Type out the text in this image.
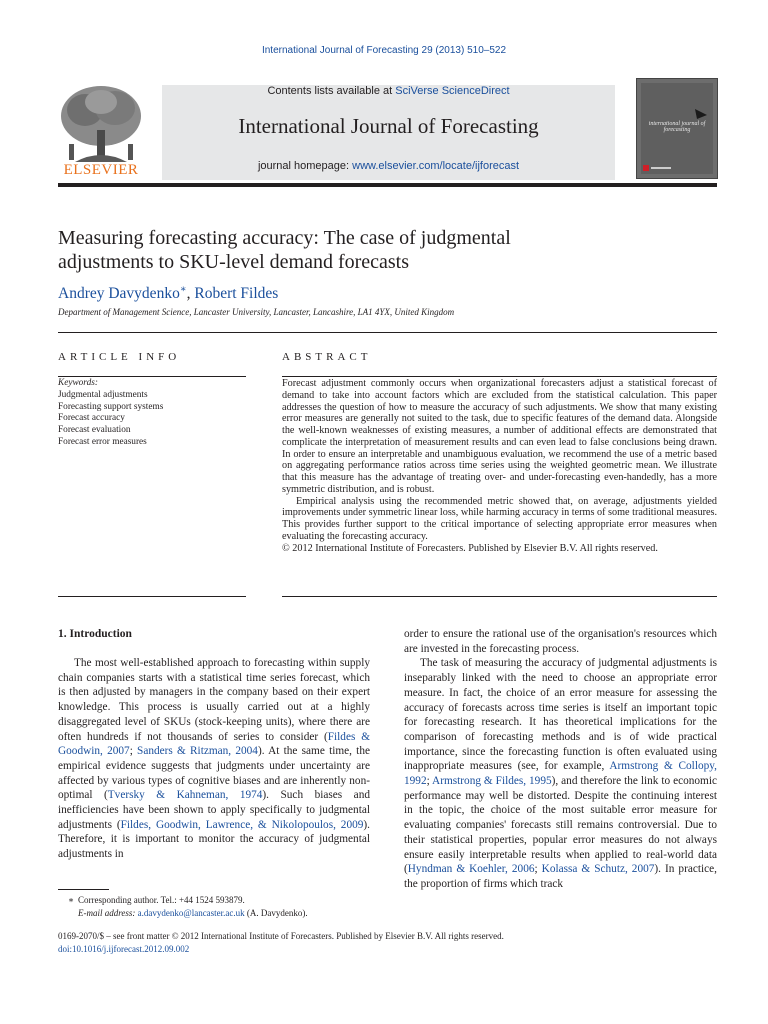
International Journal of Forecasting 29 (2013) 510–522
ELSEVIER
Contents lists available at SciVerse ScienceDirect
International Journal of Forecasting
journal homepage: www.elsevier.com/locate/ijforecast
international journal of forecasting
Measuring forecasting accuracy: The case of judgmental
adjustments to SKU-level demand forecasts
Andrey Davydenko∗, Robert Fildes
Department of Management Science, Lancaster University, Lancaster, Lancashire, LA1 4YX, United Kingdom
ARTICLE INFO	ABSTRACT
Keywords:
Judgmental adjustments
Forecasting support systems
Forecast accuracy
Forecast evaluation
Forecast error measures

Forecast adjustment commonly occurs when organizational forecasters adjust a statistical forecast of demand to take into account factors which are excluded from the statistical calculation. This paper addresses the question of how to measure the accuracy of such adjustments. We show that many existing error measures are generally not suited to the task, due to specific features of the demand data. Alongside the well-known weaknesses of existing measures, a number of additional effects are demonstrated that complicate the interpretation of measurement results and can even lead to false conclusions being drawn. In order to ensure an interpretable and unambiguous evaluation, we recommend the use of a metric based on aggregating performance ratios across time series using the weighted geometric mean. We illustrate that this measure has the advantage of treating over- and under-forecasting even-handedly, has a more symmetric distribution, and is robust.

Empirical analysis using the recommended metric showed that, on average, adjustments yielded improvements under symmetric linear loss, while harming accuracy in terms of some traditional measures. This provides further support to the critical importance of selecting appropriate error measures when evaluating the forecasting accuracy.

© 2012 International Institute of Forecasters. Published by Elsevier B.V. All rights reserved.

1. Introduction

The most well-established approach to forecasting within supply chain companies starts with a statistical time series forecast, which is then adjusted by managers in the company based on their expert knowledge. This process is usually carried out at a highly disaggregated level of SKUs (stock-keeping units), where there are often hundreds if not thousands of series to consider (Fildes & Goodwin, 2007; Sanders & Ritzman, 2004). At the same time, the empirical evidence suggests that judgments under uncertainty are affected by various types of cognitive biases and are inherently non-optimal (Tversky & Kahneman, 1974). Such biases and inefficiencies have been shown to apply specifically to judgmental adjustments (Fildes, Goodwin, Lawrence, & Nikolopoulos, 2009). Therefore, it is important to monitor the accuracy of judgmental adjustments in

order to ensure the rational use of the organisation's resources which are invested in the forecasting process.

The task of measuring the accuracy of judgmental adjustments is inseparably linked with the need to choose an appropriate error measure. In fact, the choice of an error measure for assessing the accuracy of forecasts across time series is itself an important topic for forecasting research. It has theoretical implications for the comparison of forecasting methods and is of wide practical importance, since the forecasting function is often evaluated using inappropriate measures (see, for example, Armstrong & Collopy, 1992; Armstrong & Fildes, 1995), and therefore the link to economic performance may well be distorted. Despite the continuing interest in the topic, the choice of the most suitable error measure for evaluating companies' forecasts still remains controversial. Due to their statistical properties, popular error measures do not always ensure easily interpretable results when applied to real-world data (Hyndman & Koehler, 2006; Kolassa & Schutz, 2007). In practice, the proportion of firms which track

∗ Corresponding author. Tel.: +44 1524 593879.
E-mail address: a.davydenko@lancaster.ac.uk (A. Davydenko).
0169-2070/$ – see front matter © 2012 International Institute of Forecasters. Published by Elsevier B.V. All rights reserved.
doi:10.1016/j.ijforecast.2012.09.002
